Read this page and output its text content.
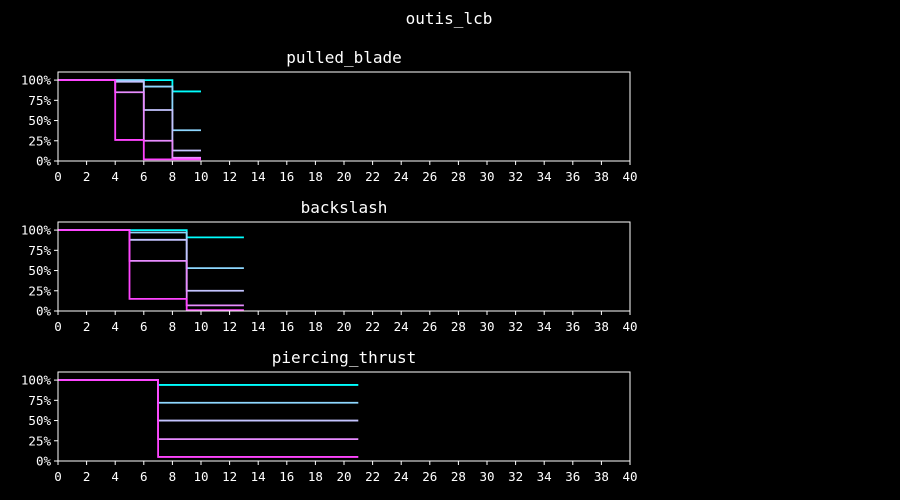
outis_lcb
pulled_blade
0 2 4 6 8 10 12 14 16 18 20 22 24 26 28 30 32 34 36 38 40
0%
25%
50%
75%
100%
backslash
0 2 4 6 8 10 12 14 16 18 20 22 24 26 28 30 32 34 36 38 40
0%
25%
50%
75%
100%
piercing_thrust
0 2 4 6 8 10 12 14 16 18 20 22 24 26 28 30 32 34 36 38 40
0%
25%
50%
75%
100%
